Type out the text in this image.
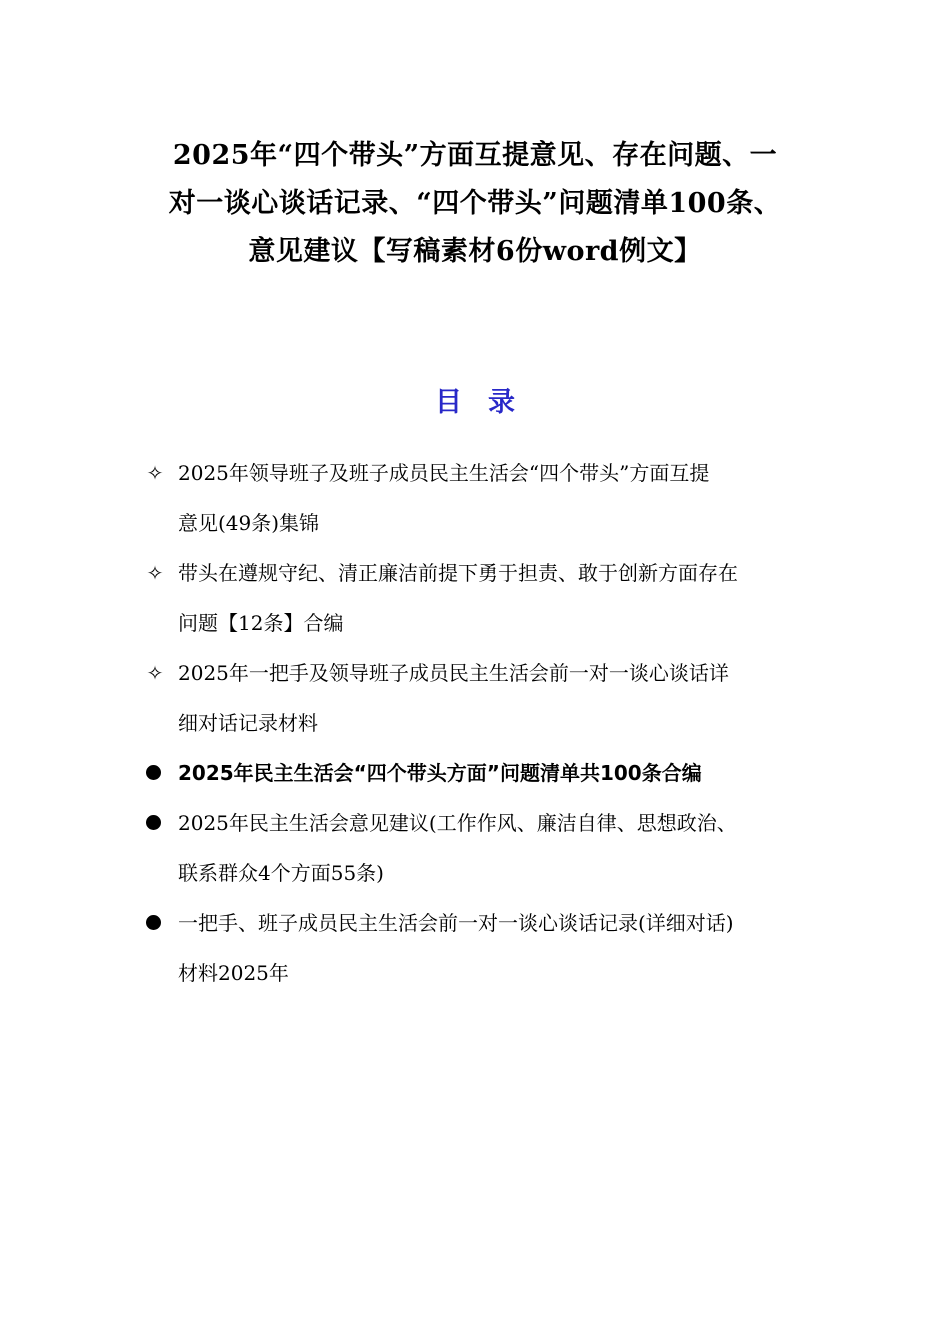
2025年“四个带头”方面互提意见、存在问题、一
对一谈心谈话记录、“四个带头”问题清单100条、
意见建议【写稿素材6份word例文】
目录
✧ 2025年领导班子及班子成员民主生活会“四个带头”方面互提
意见(49条)集锦
✧ 带头在遵规守纪、清正廉洁前提下勇于担责、敢于创新方面存在
问题【12条】合编
✧ 2025年一把手及领导班子成员民主生活会前一对一谈心谈话详
细对话记录材料
2025年民主生活会“四个带头方面”问题清单共100条合编
2025年民主生活会意见建议(工作作风、廉洁自律、思想政治、
联系群众4个方面55条)
一把手、班子成员民主生活会前一对一谈心谈话记录(详细对话)
材料2025年
